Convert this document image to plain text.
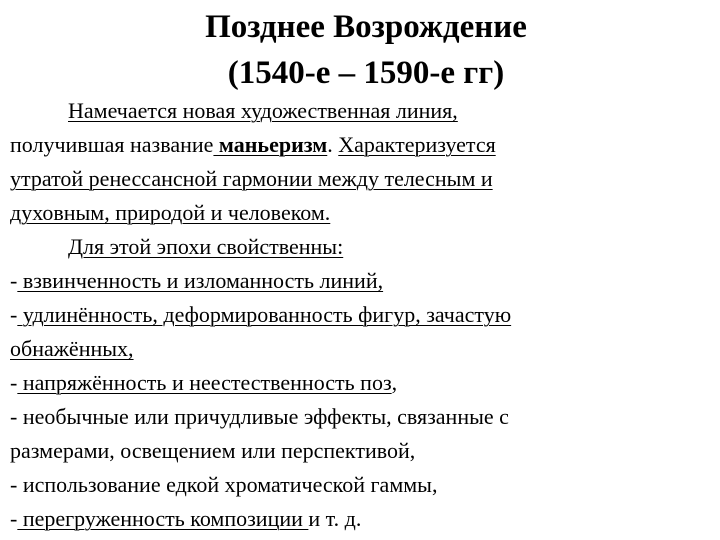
Позднее Возрождение
(1540-е – 1590-е гг)
Намечается новая художественная линия,
получившая название маньеризм. Характеризуется
утратой ренессансной гармонии между телесным и
духовным, природой и человеком.
Для этой эпохи свойственны:
- взвинченность и изломанность линий,
- удлинённость, деформированность фигур, зачастую
обнажённых,
- напряжённость и неестественность поз,
- необычные или причудливые эффекты, связанные с
размерами, освещением или перспективой,
- использование едкой хроматической гаммы,
- перегруженность композиции и т. д.
